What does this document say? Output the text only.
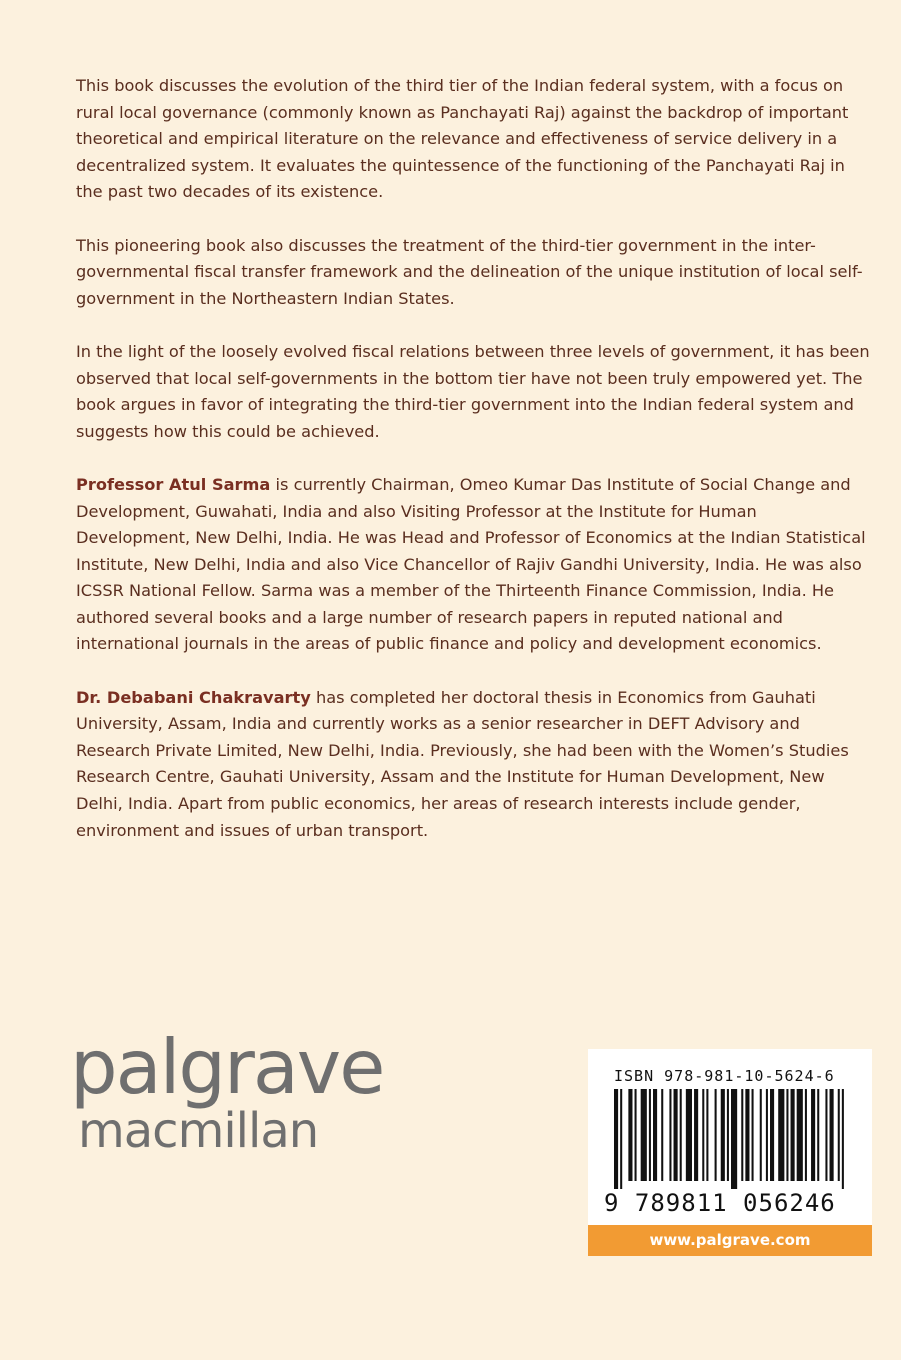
This book discusses the evolution of the third tier of the Indian federal system, with a focus on rural local governance (commonly known as Panchayati Raj) against the backdrop of important theoretical and empirical literature on the relevance and effectiveness of service delivery in a decentralized system. It evaluates the quintessence of the functioning of the Panchayati Raj in the past two decades of its existence.

This pioneering book also discusses the treatment of the third-tier government in the inter-governmental fiscal transfer framework and the delineation of the unique institution of local self-government in the Northeastern Indian States.

In the light of the loosely evolved fiscal relations between three levels of government, it has been observed that local self-governments in the bottom tier have not been truly empowered yet. The book argues in favor of integrating the third-tier government into the Indian federal system and suggests how this could be achieved.

Professor Atul Sarma is currently Chairman, Omeo Kumar Das Institute of Social Change and Development, Guwahati, India and also Visiting Professor at the Institute for Human Development, New Delhi, India. He was Head and Professor of Economics at the Indian Statistical Institute, New Delhi, India and also Vice Chancellor of Rajiv Gandhi University, India. He was also ICSSR National Fellow. Sarma was a member of the Thirteenth Finance Commission, India. He authored several books and a large number of research papers in reputed national and international journals in the areas of public finance and policy and development economics.

Dr. Debabani Chakravarty has completed her doctoral thesis in Economics from Gauhati University, Assam, India and currently works as a senior researcher in DEFT Advisory and Research Private Limited, New Delhi, India. Previously, she had been with the Women’s Studies Research Centre, Gauhati University, Assam and the Institute for Human Development, New Delhi, India. Apart from public economics, her areas of research interests include gender, environment and issues of urban transport.

palgrave
macmillan
ISBN 978-981-10-5624-6
9 789811 056246
www.palgrave.com
